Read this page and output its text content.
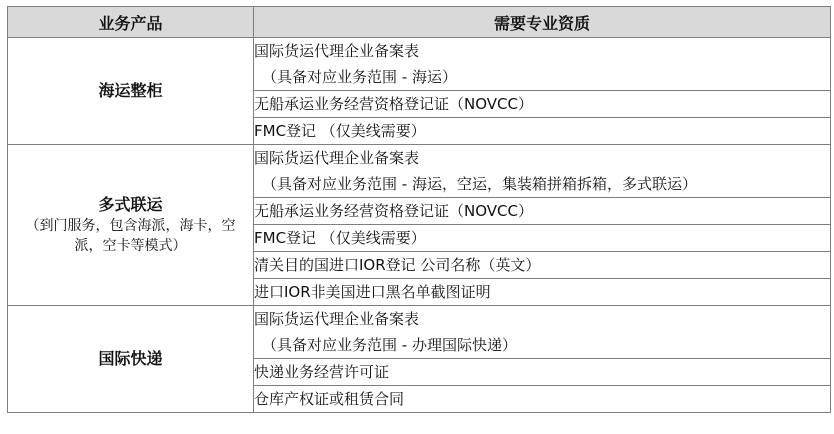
业务产品	需要专业资质

海运整柜	国际货运代理企业备案表
（具备对应业务范围 - 海运）

	无船承运业务经营资格登记证（NOVCC）

	FMC登记 （仅美线需要）

多式联运
（到门服务，包含海派，海卡，空派，空卡等模式）	国际货运代理企业备案表
（具备对应业务范围 - 海运，空运，集装箱拼箱拆箱，多式联运）

	无船承运业务经营资格登记证（NOVCC）

	FMC登记 （仅美线需要）

	清关目的国进口IOR登记 公司名称（英文）

	进口IOR非美国进口黑名单截图证明

国际快递	国际货运代理企业备案表
（具备对应业务范围 - 办理国际快递）

	快递业务经营许可证

	仓库产权证或租赁合同
